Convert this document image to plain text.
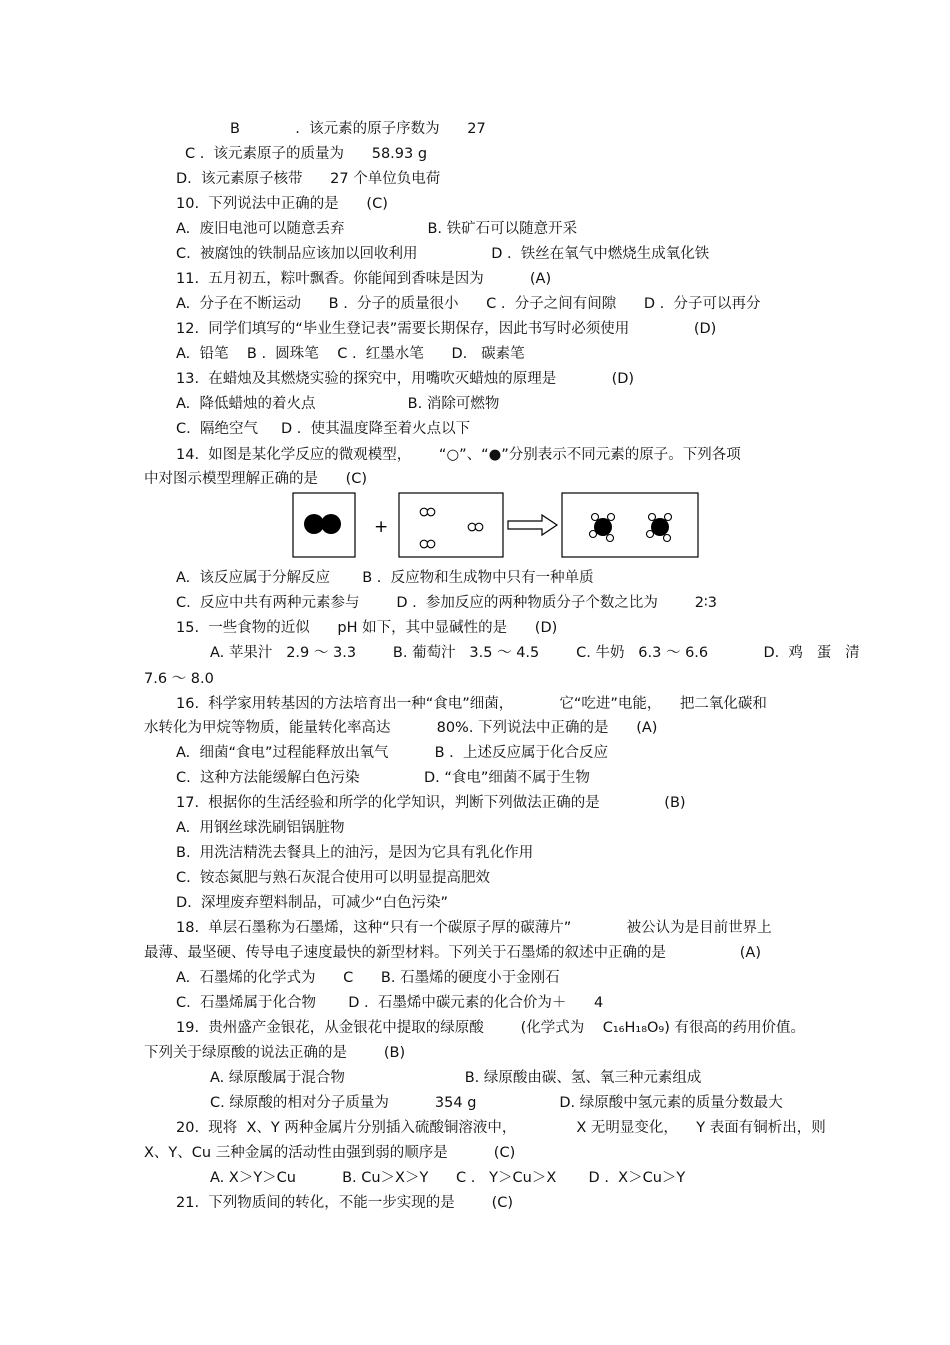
B            .  该元素的原子序数为      27
C .  该元素原子的质量为      58.93 g
D.  该元素原子核带      27 个单位负电荷
10.  下列说法中正确的是      (C)
A.  废旧电池可以随意丢弃                  B. 铁矿石可以随意开采
C.  被腐蚀的铁制品应该加以回收利用                D .  铁丝在氧气中燃烧生成氧化铁
11.  五月初五，粽叶飘香。你能闻到香味是因为          (A)
A.  分子在不断运动      B .  分子的质量很小      C .  分子之间有间隙      D .  分子可以再分
12.  同学们填写的“毕业生登记表”需要长期保存，因此书写时必须使用              (D)
A.  铅笔    B .  圆珠笔    C .  红墨水笔      D.   碳素笔
13.  在蜡烛及其燃烧实验的探究中，用嘴吹灭蜡烛的原理是            (D)
A.  降低蜡烛的着火点                    B. 消除可燃物
C.  隔绝空气     D .  使其温度降至着火点以下
14.  如图是某化学反应的微观模型，      “○”、“●”分别表示不同元素的原子。下列各项
中对图示模型理解正确的是      (C)
+
A.  该反应属于分解反应       B .  反应物和生成物中只有一种单质
C.  反应中共有两种元素参与        D .  参加反应的两种物质分子个数之比为        2∶3
15.  一些食物的近似      pH 如下，其中显碱性的是      (D)
A. 苹果汁   2.9 ～ 3.3        B. 葡萄汁   3.5 ～ 4.5        C. 牛奶   6.3 ～ 6.6            D.  鸡   蛋   清
7.6 ～ 8.0
16.  科学家用转基因的方法培育出一种“食电”细菌，          它“吃进”电能，    把二氧化碳和
水转化为甲烷等物质，能量转化率高达          80%. 下列说法中正确的是      (A)
A.  细菌“食电”过程能释放出氧气          B .  上述反应属于化合反应
C.  这种方法能缓解白色污染              D. “食电”细菌不属于生物
17.  根据你的生活经验和所学的化学知识，判断下列做法正确的是              (B)
A.  用钢丝球洗刷铝锅脏物
B.  用洗洁精洗去餐具上的油污，是因为它具有乳化作用
C.  铵态氮肥与熟石灰混合使用可以明显提高肥效
D.  深埋废弃塑料制品，可减少“白色污染”
18.  单层石墨称为石墨烯，这种“只有一个碳原子厚的碳薄片”            被公认为是目前世界上
最薄、最坚硬、传导电子速度最快的新型材料。下列关于石墨烯的叙述中正确的是                (A)
A.  石墨烯的化学式为      C      B. 石墨烯的硬度小于金刚石
C.  石墨烯属于化合物       D .  石墨烯中碳元素的化合价为＋      4
19.  贵州盛产金银花，从金银花中提取的绿原酸        (化学式为    C₁₆H₁₈O₉) 有很高的药用价值。
下列关于绿原酸的说法正确的是        (B)
A. 绿原酸属于混合物                          B. 绿原酸由碳、氢、氧三种元素组成
C. 绿原酸的相对分子质量为          354 g                  D. 绿原酸中氢元素的质量分数最大
20.  现将  X、Y 两种金属片分别插入硫酸铜溶液中，             X 无明显变化，    Y 表面有铜析出，则
X、Y、Cu 三种金属的活动性由强到弱的顺序是          (C)
A. X＞Y＞Cu          B. Cu＞X＞Y      C .   Y＞Cu＞X       D .  X＞Cu＞Y
21.  下列物质间的转化，不能一步实现的是        (C)
